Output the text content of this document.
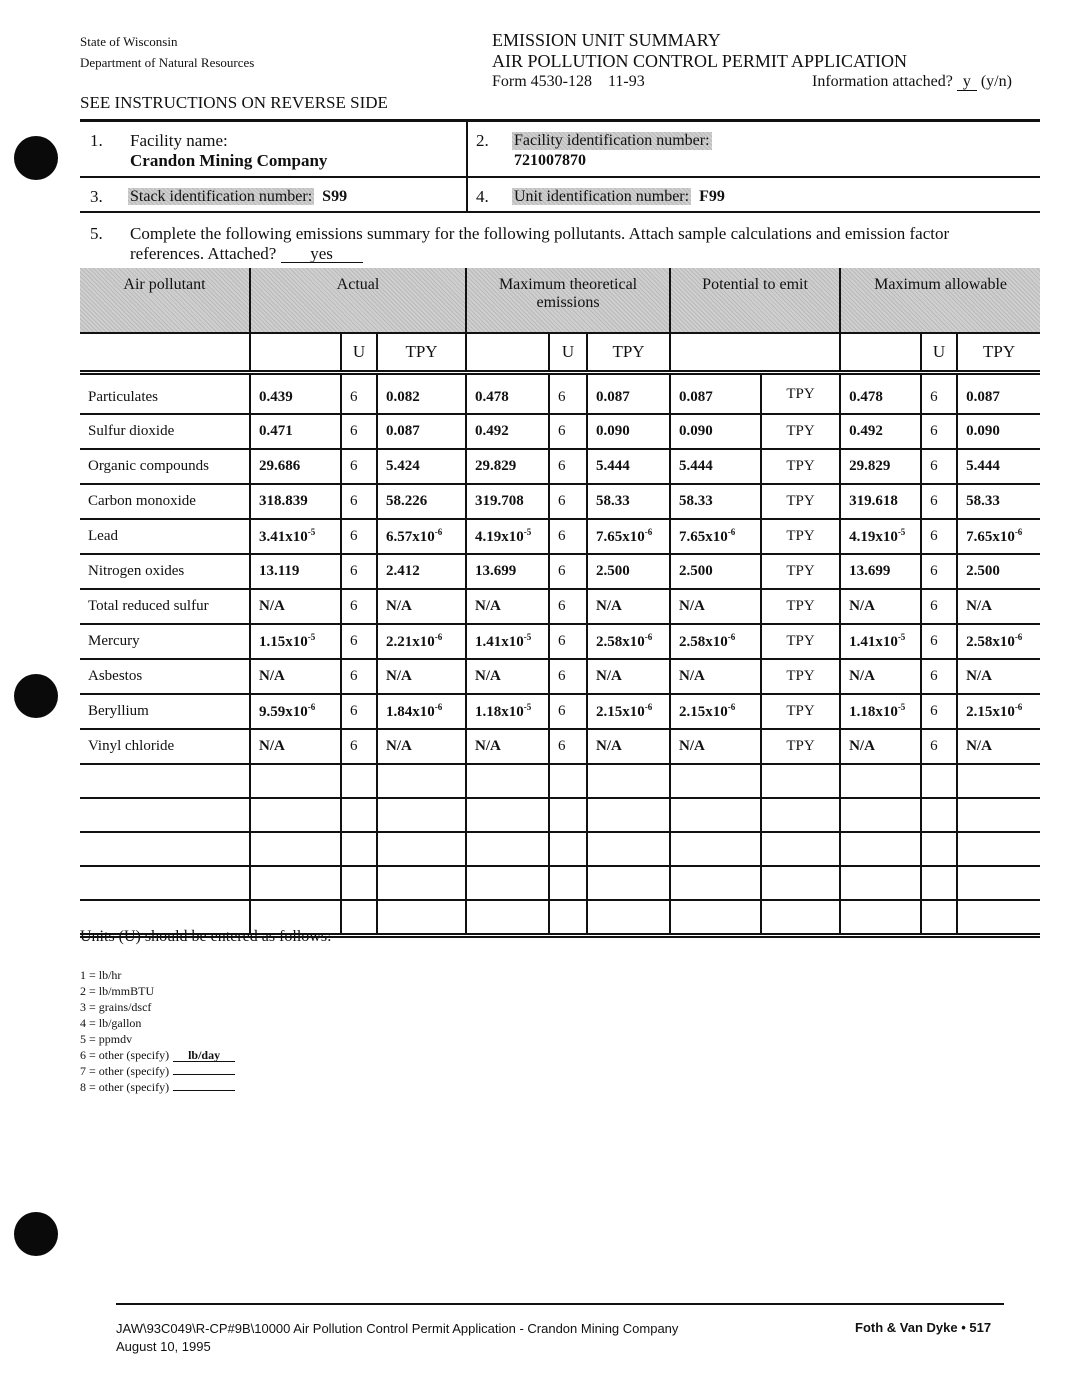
State of Wisconsin
Department of Natural Resources
SEE INSTRUCTIONS ON REVERSE SIDE
EMISSION UNIT SUMMARY
AIR POLLUTION CONTROL PERMIT APPLICATION
Form 4530-128    11-93	Information attached? y (y/n)
1. Facility name:
Crandon Mining Company
2. Facility identification number:
721007870
3. Stack identification number: S99	4. Unit identification number: F99
5. Complete the following emissions summary for the following pollutants. Attach sample calculations and emission factor
references. Attached? yes
Air pollutant	Actual			Maximum theoretical emissions			Potential to emit		Maximum allowable		
		U	TPY		U	TPY				U	TPY
Particulates	0.439	6	0.082	0.478	6	0.087	0.087	TPY	0.478	6	0.087
Sulfur dioxide	0.471	6	0.087	0.492	6	0.090	0.090	TPY	0.492	6	0.090
Organic compounds	29.686	6	5.424	29.829	6	5.444	5.444	TPY	29.829	6	5.444
Carbon monoxide	318.839	6	58.226	319.708	6	58.33	58.33	TPY	319.618	6	58.33
Lead	$3.41x10^{-5}$	6	$6.57x10^{-6}$	$4.19x10^{-5}$	6	$7.65x10^{-6}$	$7.65x10^{-6}$	TPY	$4.19x10^{-5}$	6	$7.65x10^{-6}$
Nitrogen oxides	13.119	6	2.412	13.699	6	2.500	2.500	TPY	13.699	6	2.500
Total reduced sulfur	N/A	6	N/A	N/A	6	N/A	N/A	TPY	N/A	6	N/A
Mercury	$1.15x10^{-5}$	6	$2.21x10^{-6}$	$1.41x10^{-5}$	6	$2.58x10^{-6}$	$2.58x10^{-6}$	TPY	$1.41x10^{-5}$	6	$2.58x10^{-6}$
Asbestos	N/A	6	N/A	N/A	6	N/A	N/A	TPY	N/A	6	N/A
Beryllium	$9.59x10^{-6}$	6	$1.84x10^{-6}$	$1.18x10^{-5}$	6	$2.15x10^{-6}$	$2.15x10^{-6}$	TPY	$1.18x10^{-5}$	6	$2.15x10^{-6}$
Vinyl chloride	N/A	6	N/A	N/A	6	N/A	N/A	TPY	N/A	6	N/A

Units (U) should be entered as follows:
1 = lb/hr
2 = lb/mmBTU
3 = grains/dscf
4 = lb/gallon
5 = ppmdv
6 = other (specify) lb/day
7 = other (specify)
8 = other (specify)
JAW\93C049\R-CP#9B\10000 Air Pollution Control Permit Application - Crandon Mining Company
August 10, 1995
Foth & Van Dyke • 517
